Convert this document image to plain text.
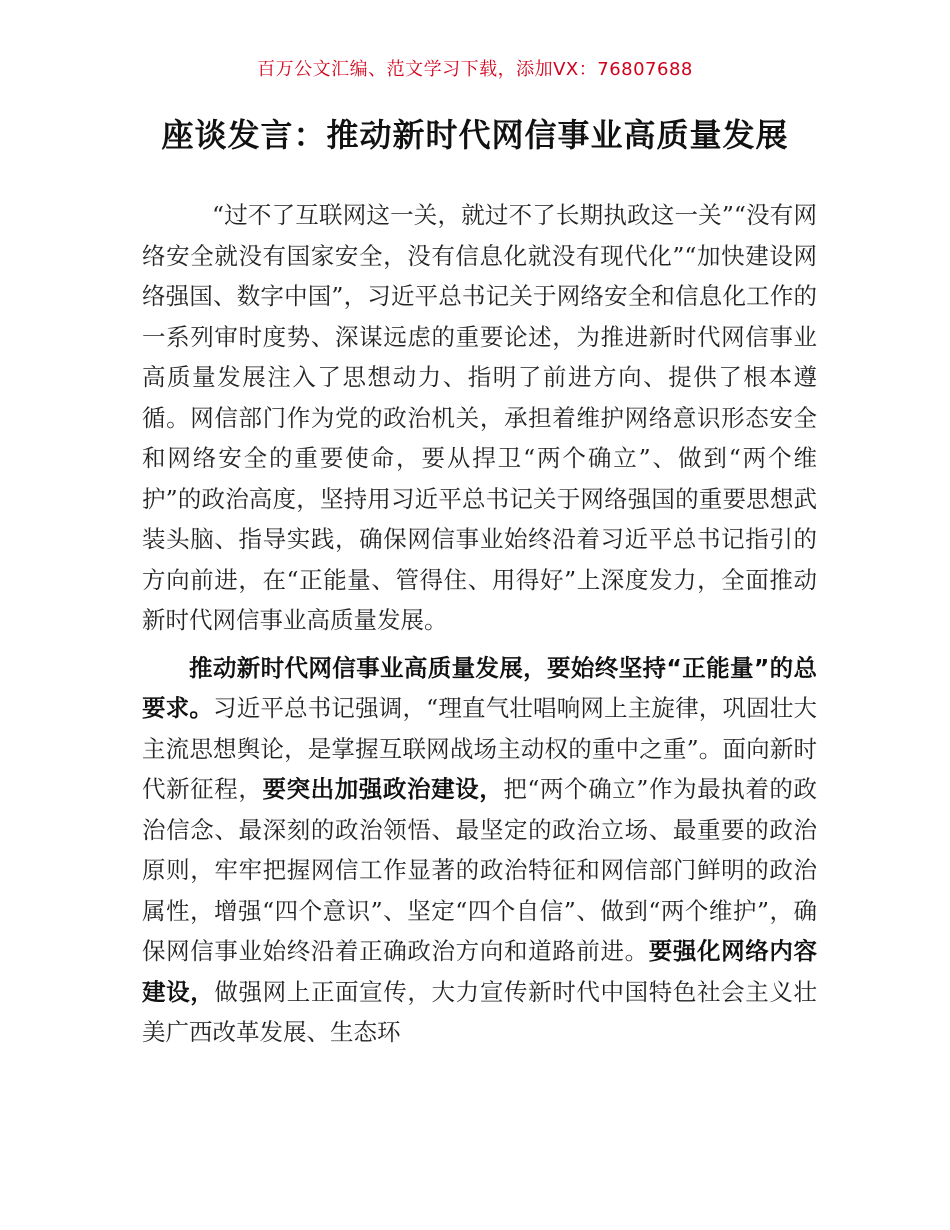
百万公文汇编、范文学习下载，添加VX：76807688
座谈发言：推动新时代网信事业高质量发展

“过不了互联网这一关，就过不了长期执政这一关”“没有网络安全就没有国家安全，没有信息化就没有现代化”“加快建设网络强国、数字中国”，习近平总书记关于网络安全和信息化工作的一系列审时度势、深谋远虑的重要论述，为推进新时代网信事业高质量发展注入了思想动力、指明了前进方向、提供了根本遵循。网信部门作为党的政治机关，承担着维护网络意识形态安全和网络安全的重要使命，要从捍卫“两个确立”、做到“两个维护”的政治高度，坚持用习近平总书记关于网络强国的重要思想武装头脑、指导实践，确保网信事业始终沿着习近平总书记指引的方向前进，在“正能量、管得住、用得好”上深度发力，全面推动新时代网信事业高质量发展。

推动新时代网信事业高质量发展，要始终坚持“正能量”的总要求。习近平总书记强调，“理直气壮唱响网上主旋律，巩固壮大主流思想舆论，是掌握互联网战场主动权的重中之重”。面向新时代新征程，要突出加强政治建设，把“两个确立”作为最执着的政治信念、最深刻的政治领悟、最坚定的政治立场、最重要的政治原则，牢牢把握网信工作显著的政治特征和网信部门鲜明的政治属性，增强“四个意识”、坚定“四个自信”、做到“两个维护”，确保网信事业始终沿着正确政治方向和道路前进。要强化网络内容建设，做强网上正面宣传，大力宣传新时代中国特色社会主义壮美广西改革发展、生态环
